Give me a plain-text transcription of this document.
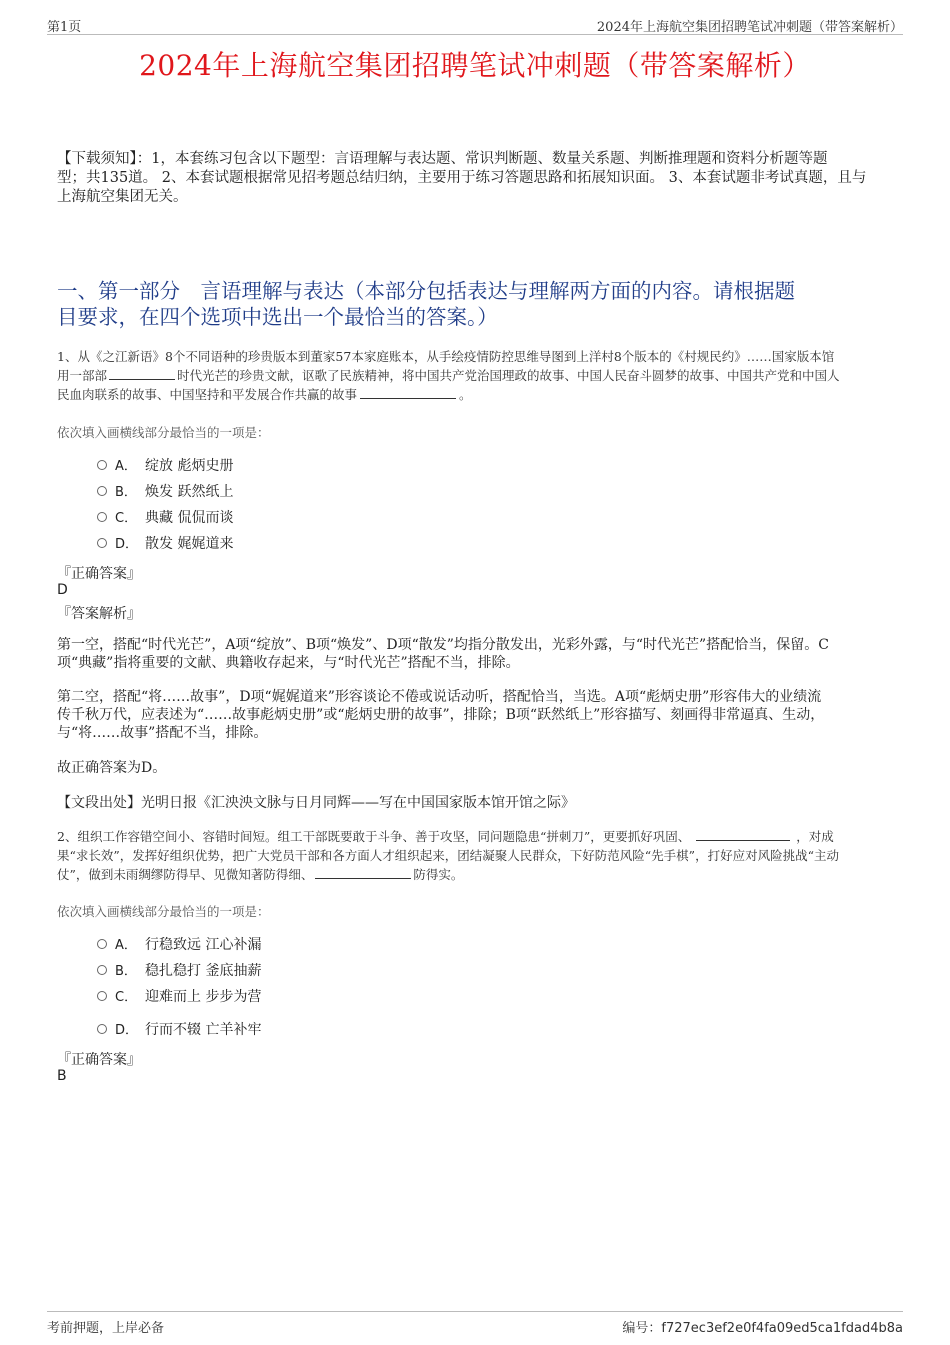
第1页	2024年上海航空集团招聘笔试冲刺题（带答案解析）
2024年上海航空集团招聘笔试冲刺题（带答案解析）
【下载须知】：1，本套练习包含以下题型：言语理解与表达题、常识判断题、数量关系题、判断推理题和资料分析题等题
型；共135道。 2、本套试题根据常见招考题总结归纳，主要用于练习答题思路和拓展知识面。 3、本套试题非考试真题，且与
上海航空集团无关。
一、第一部分　言语理解与表达（本部分包括表达与理解两方面的内容。请根据题
目要求，在四个选项中选出一个最恰当的答案。）
1、从《之江新语》8个不同语种的珍贵版本到董家57本家庭账本，从手绘疫情防控思维导图到上洋村8个版本的《村规民约》……国家版本馆
用一部部	时代光芒的珍贵文献，讴歌了民族精神，将中国共产党治国理政的故事、中国人民奋斗圆梦的故事、中国共产党和中国人
民血肉联系的故事、中国坚持和平发展合作共赢的故事	。
依次填入画横线部分最恰当的一项是：
A． 绽放 彪炳史册
B． 焕发 跃然纸上
C． 典藏 侃侃而谈
D． 散发 娓娓道来
『正确答案』
D
『答案解析』
第一空，搭配“时代光芒”，A项“绽放”、B项“焕发”、D项“散发”均指分散发出，光彩外露，与“时代光芒”搭配恰当，保留。C
项“典藏”指将重要的文献、典籍收存起来，与“时代光芒”搭配不当，排除。
第二空，搭配“将……故事”，D项“娓娓道来”形容谈论不倦或说话动听，搭配恰当，当选。A项“彪炳史册”形容伟大的业绩流
传千秋万代，应表述为“……故事彪炳史册”或“彪炳史册的故事”，排除；B项“跃然纸上”形容描写、刻画得非常逼真、生动，
与“将……故事”搭配不当，排除。
故正确答案为D。
【文段出处】光明日报《汇泱泱文脉与日月同辉——写在中国国家版本馆开馆之际》
2、组织工作容错空间小、容错时间短。组工干部既要敢于斗争、善于攻坚，同问题隐患“拼刺刀”，更要抓好巩固、	，对成
果“求长效”，发挥好组织优势，把广大党员干部和各方面人才组织起来，团结凝聚人民群众，下好防范风险“先手棋”，打好应对风险挑战“主动
仗”，做到未雨绸缪防得早、见微知著防得细、	防得实。
依次填入画横线部分最恰当的一项是：
A． 行稳致远 江心补漏
B． 稳扎稳打 釜底抽薪
C． 迎难而上 步步为营
D． 行而不辍 亡羊补牢
『正确答案』
B
考前押题，上岸必备	编号：f727ec3ef2e0f4fa09ed5ca1fdad4b8a
